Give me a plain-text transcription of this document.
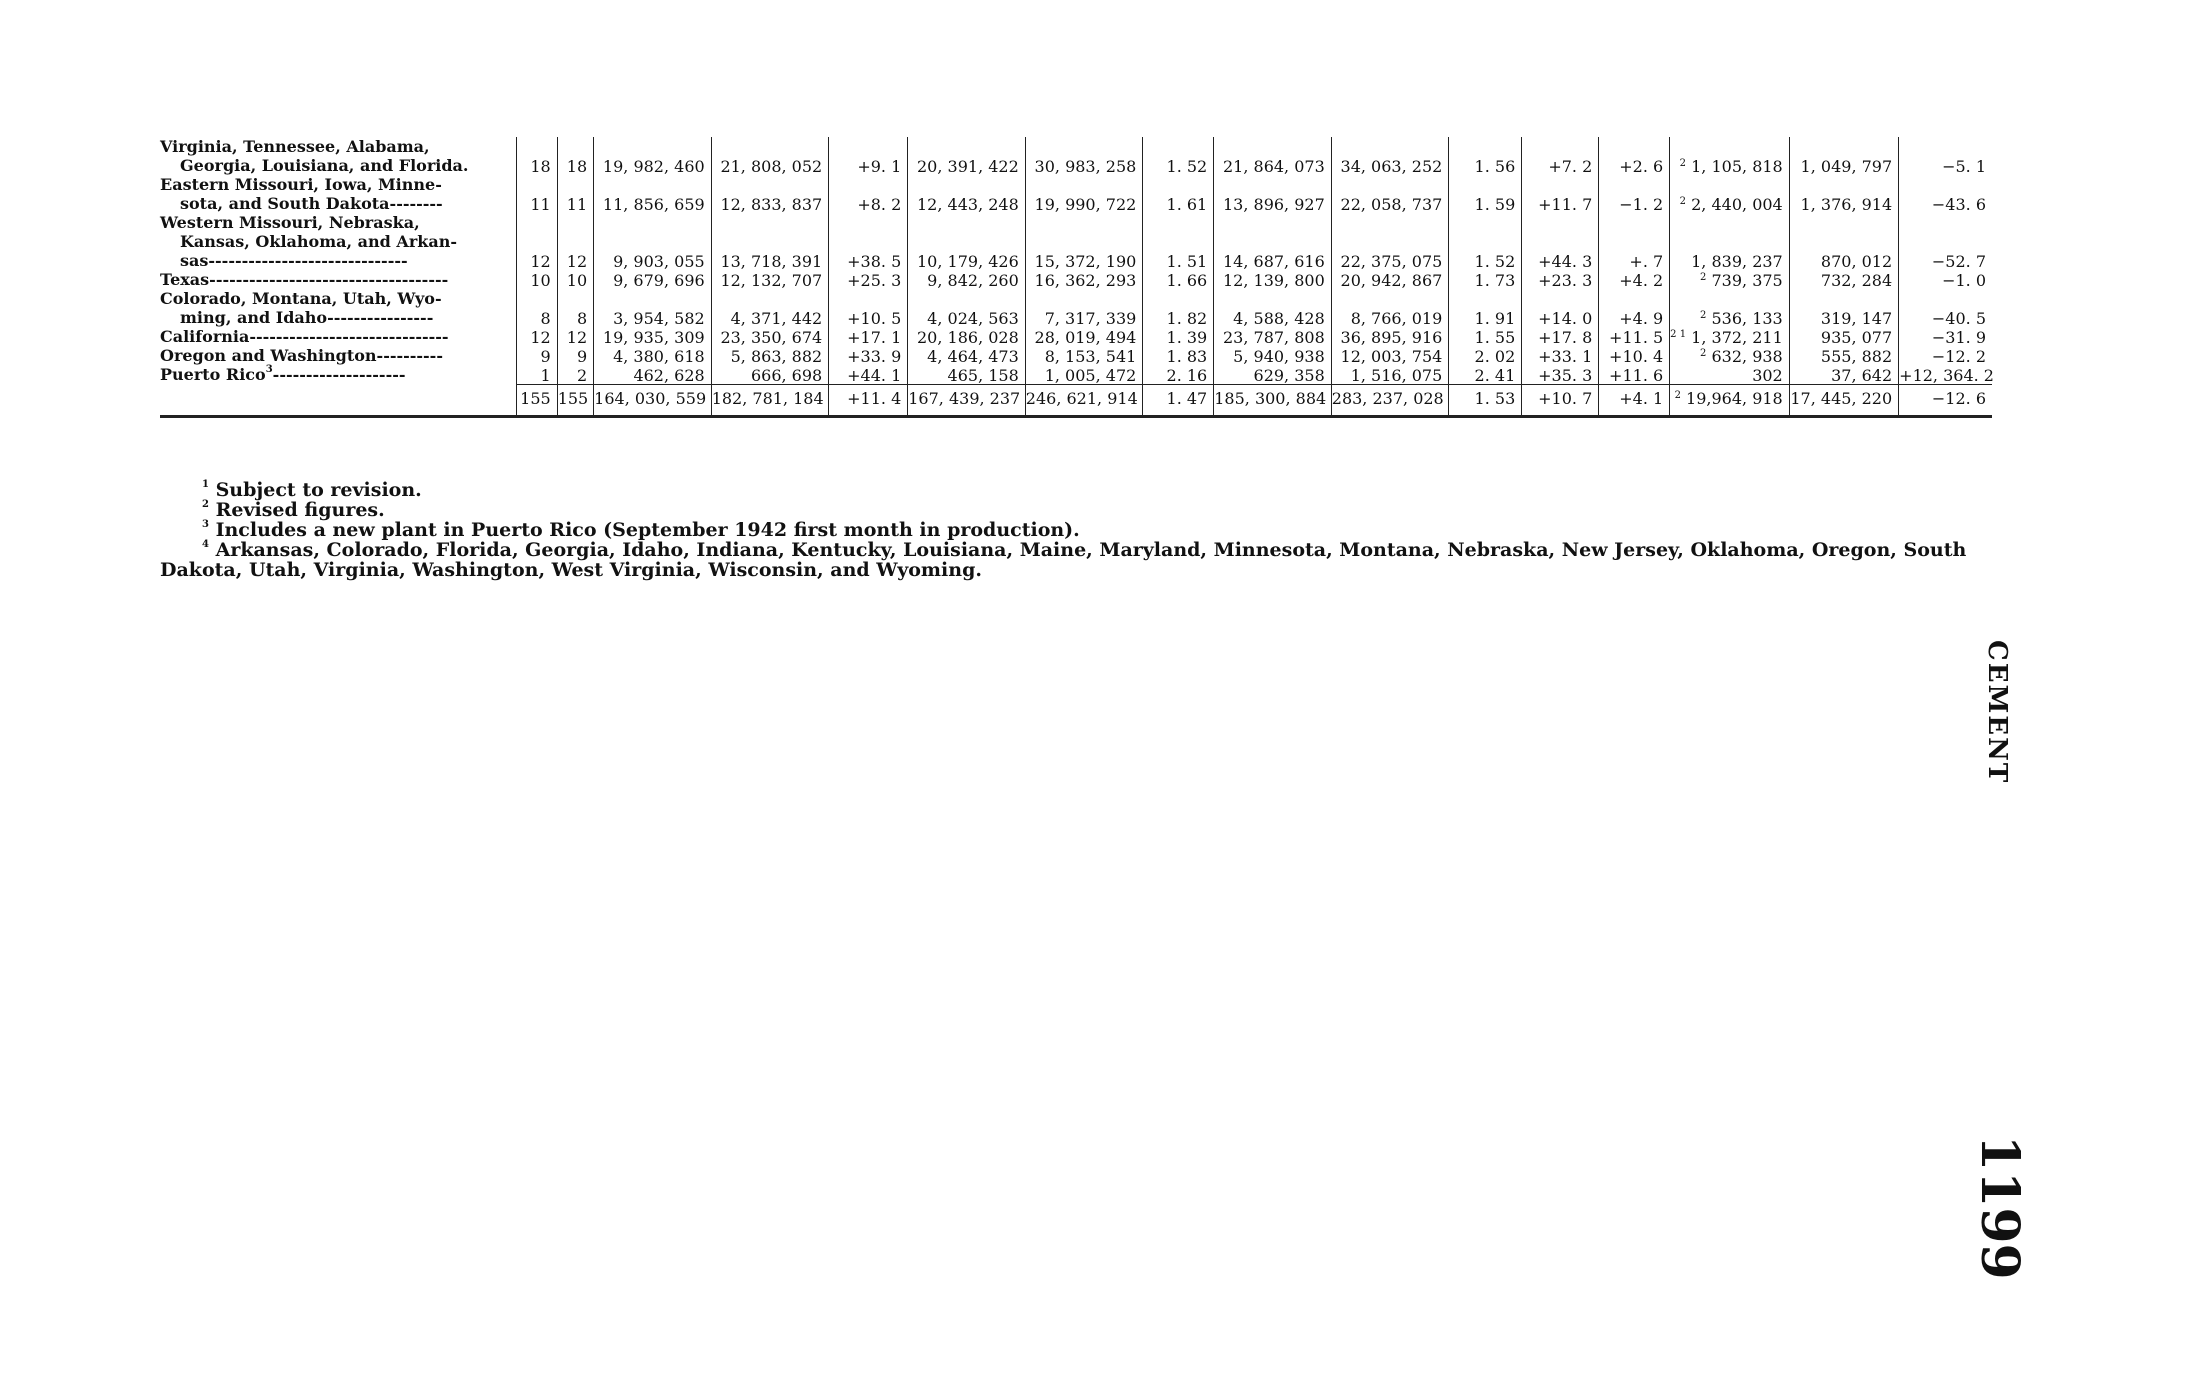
Virginia, Tennessee, Alabama,
Georgia, Louisiana, and Florida.	18	18	19, 982, 460	21, 808, 052	+9. 1	20, 391, 422	30, 983, 258	1. 52	21, 864, 073	34, 063, 252	1. 56	+7. 2	+2. 6	$^2$ 1, 105, 818	1, 049, 797	−5. 1

Eastern Missouri, Iowa, Minne-
sota, and South Dakota--------	11	11	11, 856, 659	12, 833, 837	+8. 2	12, 443, 248	19, 990, 722	1. 61	13, 896, 927	22, 058, 737	1. 59	+11. 7	−1. 2	$^2$ 2, 440, 004	1, 376, 914	−43. 6

Western Missouri, Nebraska,
Kansas, Oklahoma, and Arkan-
sas------------------------------	12	12	9, 903, 055	13, 718, 391	+38. 5	10, 179, 426	15, 372, 190	1. 51	14, 687, 616	22, 375, 075	1. 52	+44. 3	+. 7	1, 839, 237	870, 012	−52. 7
Texas------------------------------------	10	10	9, 679, 696	12, 132, 707	+25. 3	9, 842, 260	16, 362, 293	1. 66	12, 139, 800	20, 942, 867	1. 73	+23. 3	+4. 2	$^2$ 739, 375	732, 284	−1. 0

Colorado, Montana, Utah, Wyo-
ming, and Idaho----------------	8	8	3, 954, 582	4, 371, 442	+10. 5	4, 024, 563	7, 317, 339	1. 82	4, 588, 428	8, 766, 019	1. 91	+14. 0	+4. 9	$^2$ 536, 133	319, 147	−40. 5
California------------------------------	12	12	19, 935, 309	23, 350, 674	+17. 1	20, 186, 028	28, 019, 494	1. 39	23, 787, 808	36, 895, 916	1. 55	+17. 8	+11. 5	$^{2 1}$ 1, 372, 211	935, 077	−31. 9
Oregon and Washington----------	9	9	4, 380, 618	5, 863, 882	+33. 9	4, 464, 473	8, 153, 541	1. 83	5, 940, 938	12, 003, 754	2. 02	+33. 1	+10. 4	$^2$ 632, 938	555, 882	−12. 2
Puerto Rico$^3$--------------------	1	2	462, 628	666, 698	+44. 1	465, 158	1, 005, 472	2. 16	629, 358	1, 516, 075	2. 41	+35. 3	+11. 6	302	37, 642	+12, 364. 2
	155	155	164, 030, 559	182, 781, 184	+11. 4	167, 439, 237	246, 621, 914	1. 47	185, 300, 884	283, 237, 028	1. 53	+10. 7	+4. 1	$^2$ 19,964, 918	17, 445, 220	−12. 6
$^1$ Subject to revision.
$^2$ Revised figures.
$^3$ Includes a new plant in Puerto Rico (September 1942 first month in production).
$^4$ Arkansas, Colorado, Florida, Georgia, Idaho, Indiana, Kentucky, Louisiana, Maine, Maryland, Minnesota, Montana, Nebraska, New Jersey, Oklahoma, Oregon, South Dakota, Utah, Virginia, Washington, West Virginia, Wisconsin, and Wyoming.
CEMENT
1199
